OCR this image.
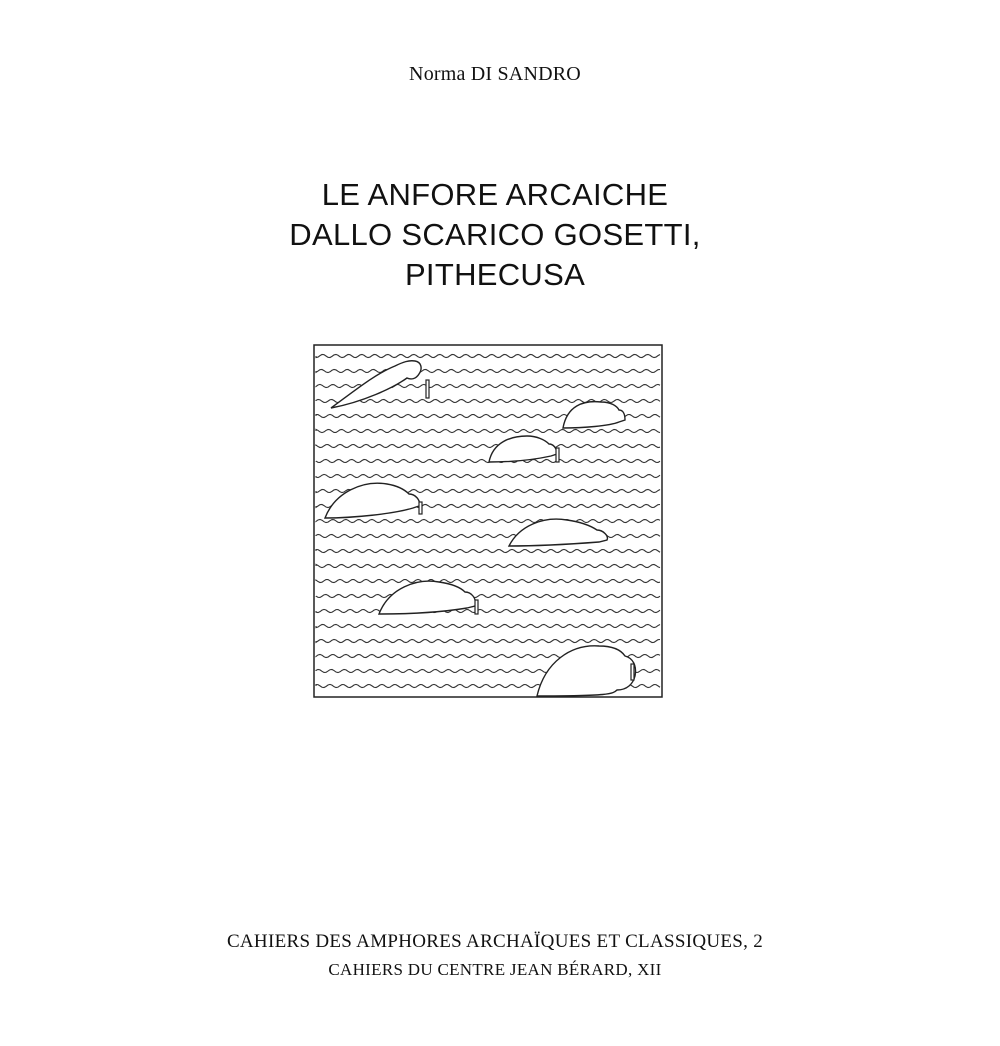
Norma DI SANDRO
LE ANFORE ARCAICHE
DALLO SCARICO GOSETTI,
PITHECUSA
CAHIERS DES AMPHORES ARCHAÏQUES ET CLASSIQUES, 2
CAHIERS DU CENTRE JEAN BÉRARD, XII
